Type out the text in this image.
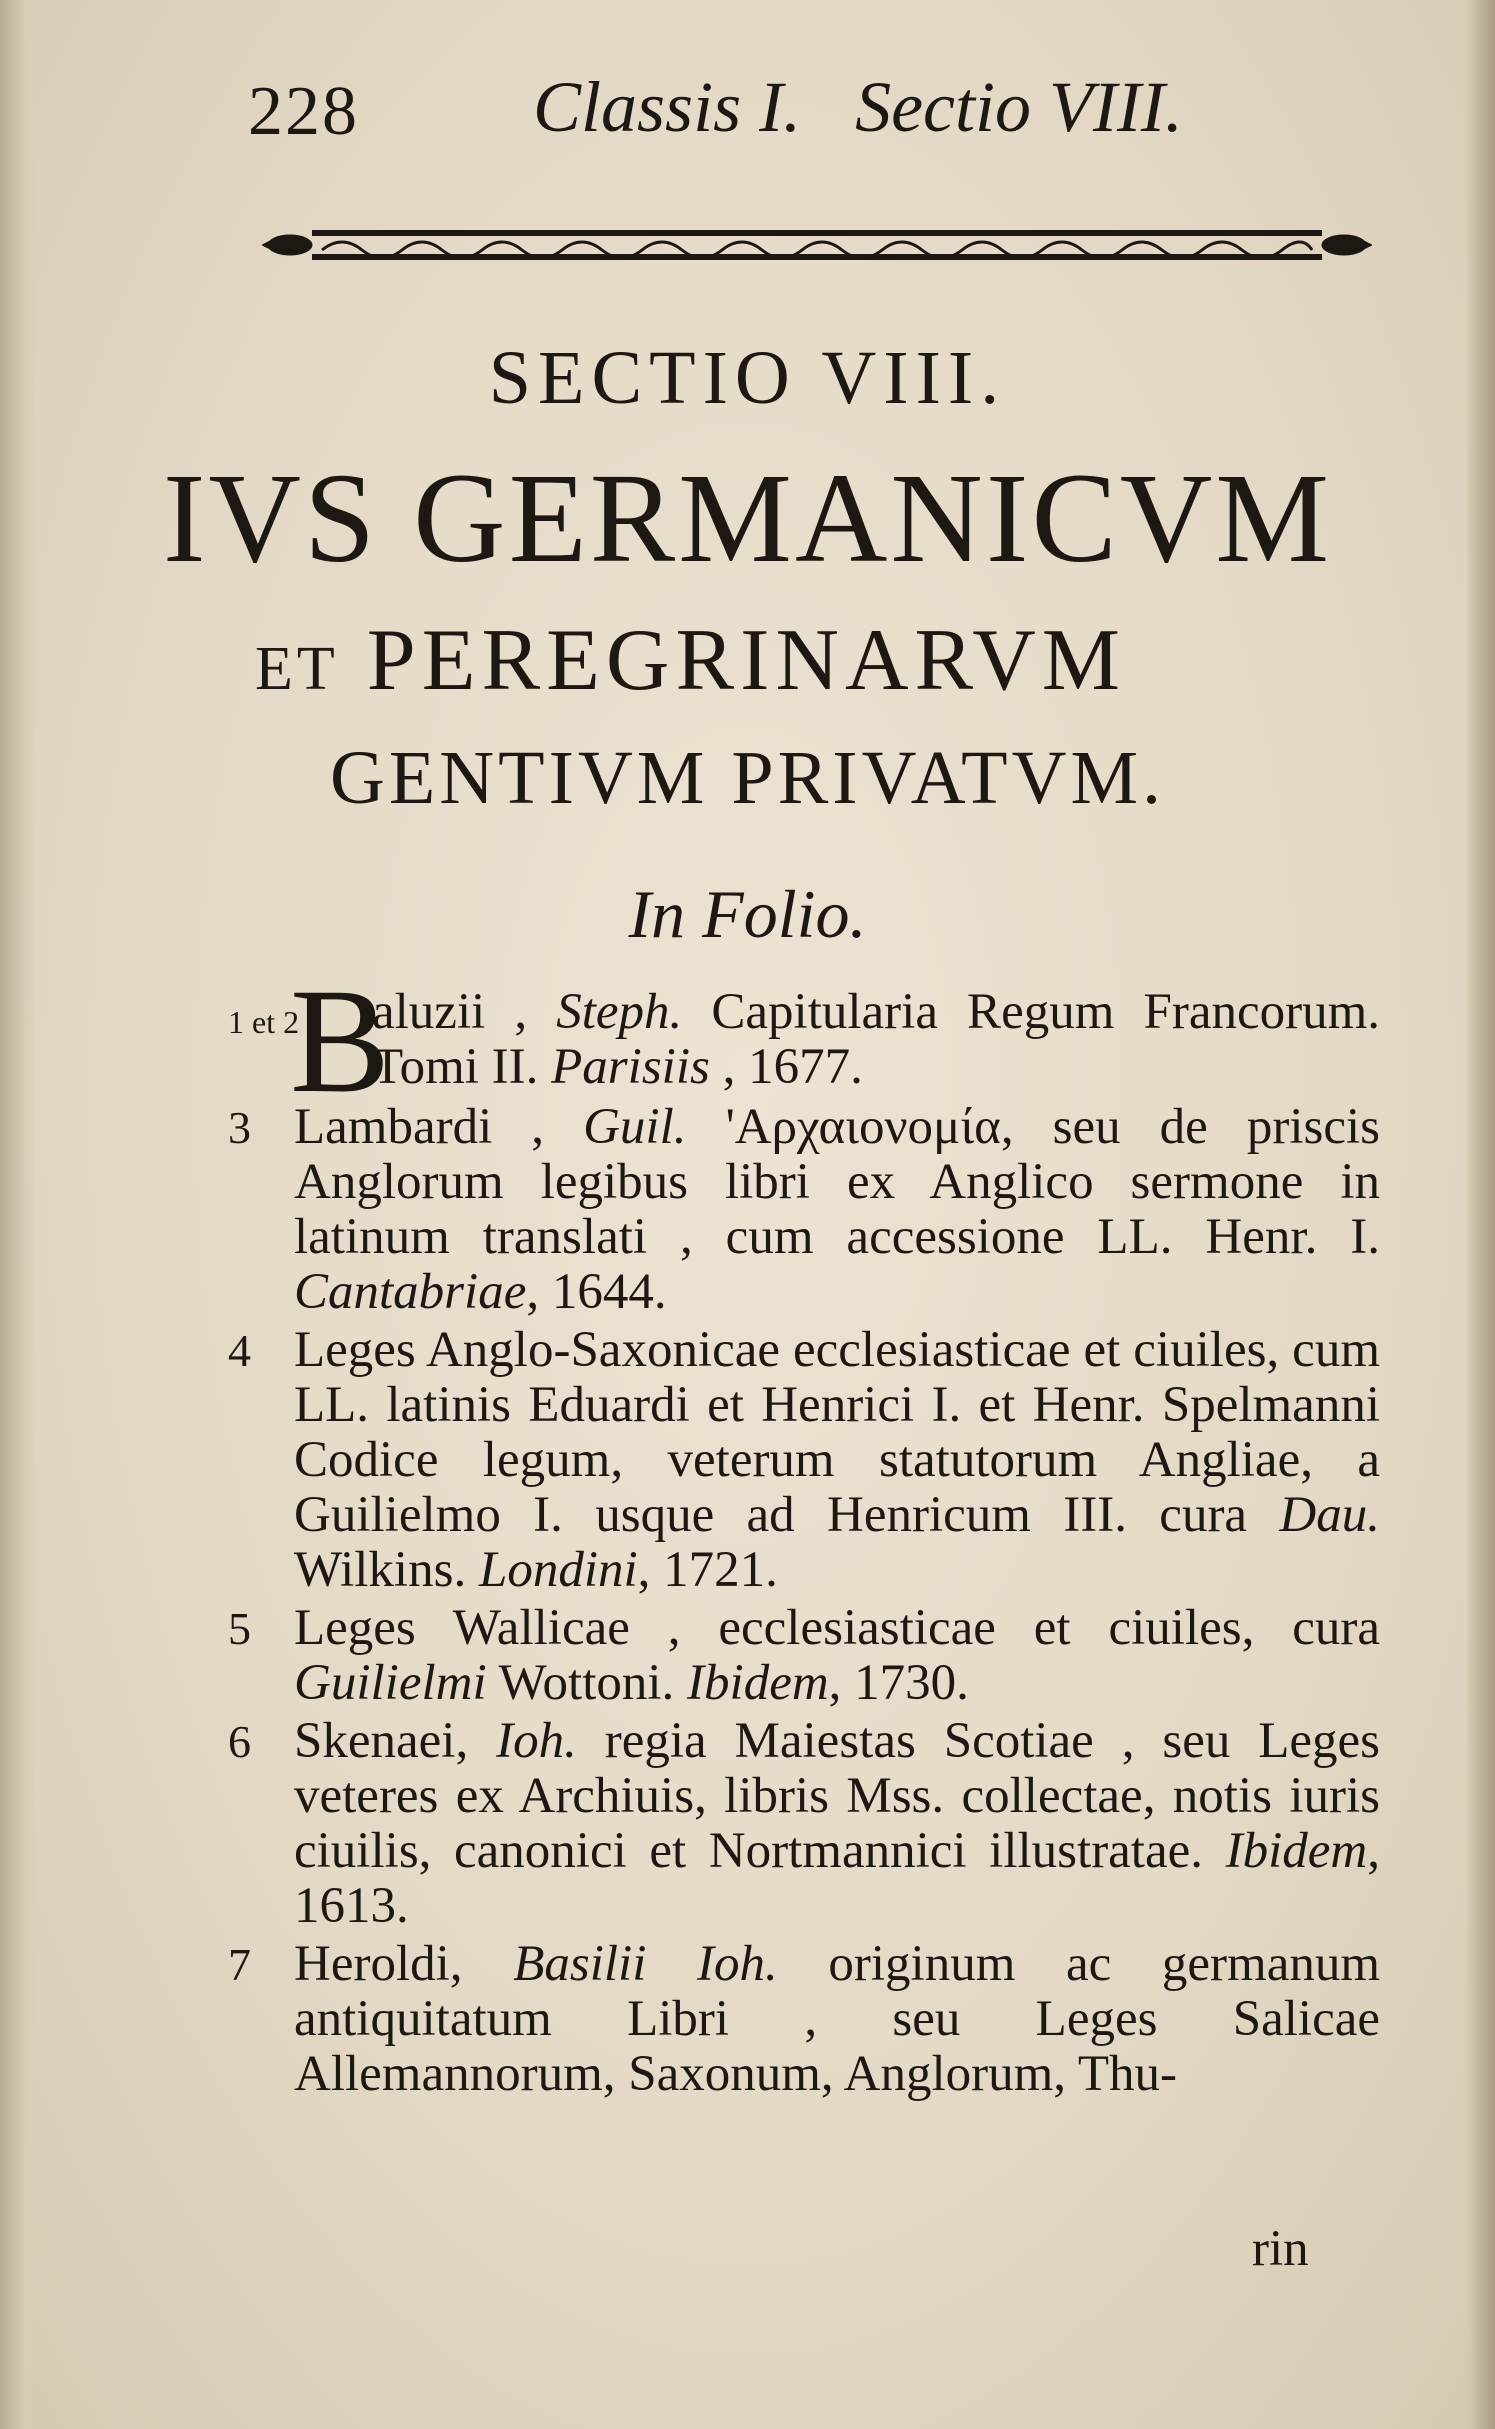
228 Classis I.   Sectio VIII.
SECTIO VIII.
IVS GERMANICVM
ET PEREGRINARVM
GENTIVM PRIVATVM.
In Folio.
1 et 2
B
aluzii , Steph. Capitularia Regum Francorum. Tomi II. Parisiis , 1677.
3 Lambardi , Guil. 'Αρχαιονομία, seu de priscis Anglorum legibus libri ex Anglico sermone in latinum translati , cum accessione LL. Henr. I. Cantabriae, 1644.
4 Leges Anglo-Saxonicae ecclesiasticae et ciuiles, cum LL. latinis Eduardi et Henrici I. et Henr. Spelmanni Codice legum, veterum statutorum Angliae, a Guilielmo I. usque ad Henricum III. cura Dau. Wilkins. Londini, 1721.
5 Leges Wallicae , ecclesiasticae et ciuiles, cura Guilielmi Wottoni. Ibidem, 1730.
6 Skenaei, Ioh. regia Maiestas Scotiae , seu Leges veteres ex Archiuis, libris Mss. collectae, notis iuris ciuilis, canonici et Nortmannici illustratae. Ibidem, 1613.
7 Heroldi, Basilii Ioh. originum ac germanum antiquitatum Libri , seu Leges Salicae Allemannorum, Saxonum, Anglorum, Thu-
rin
